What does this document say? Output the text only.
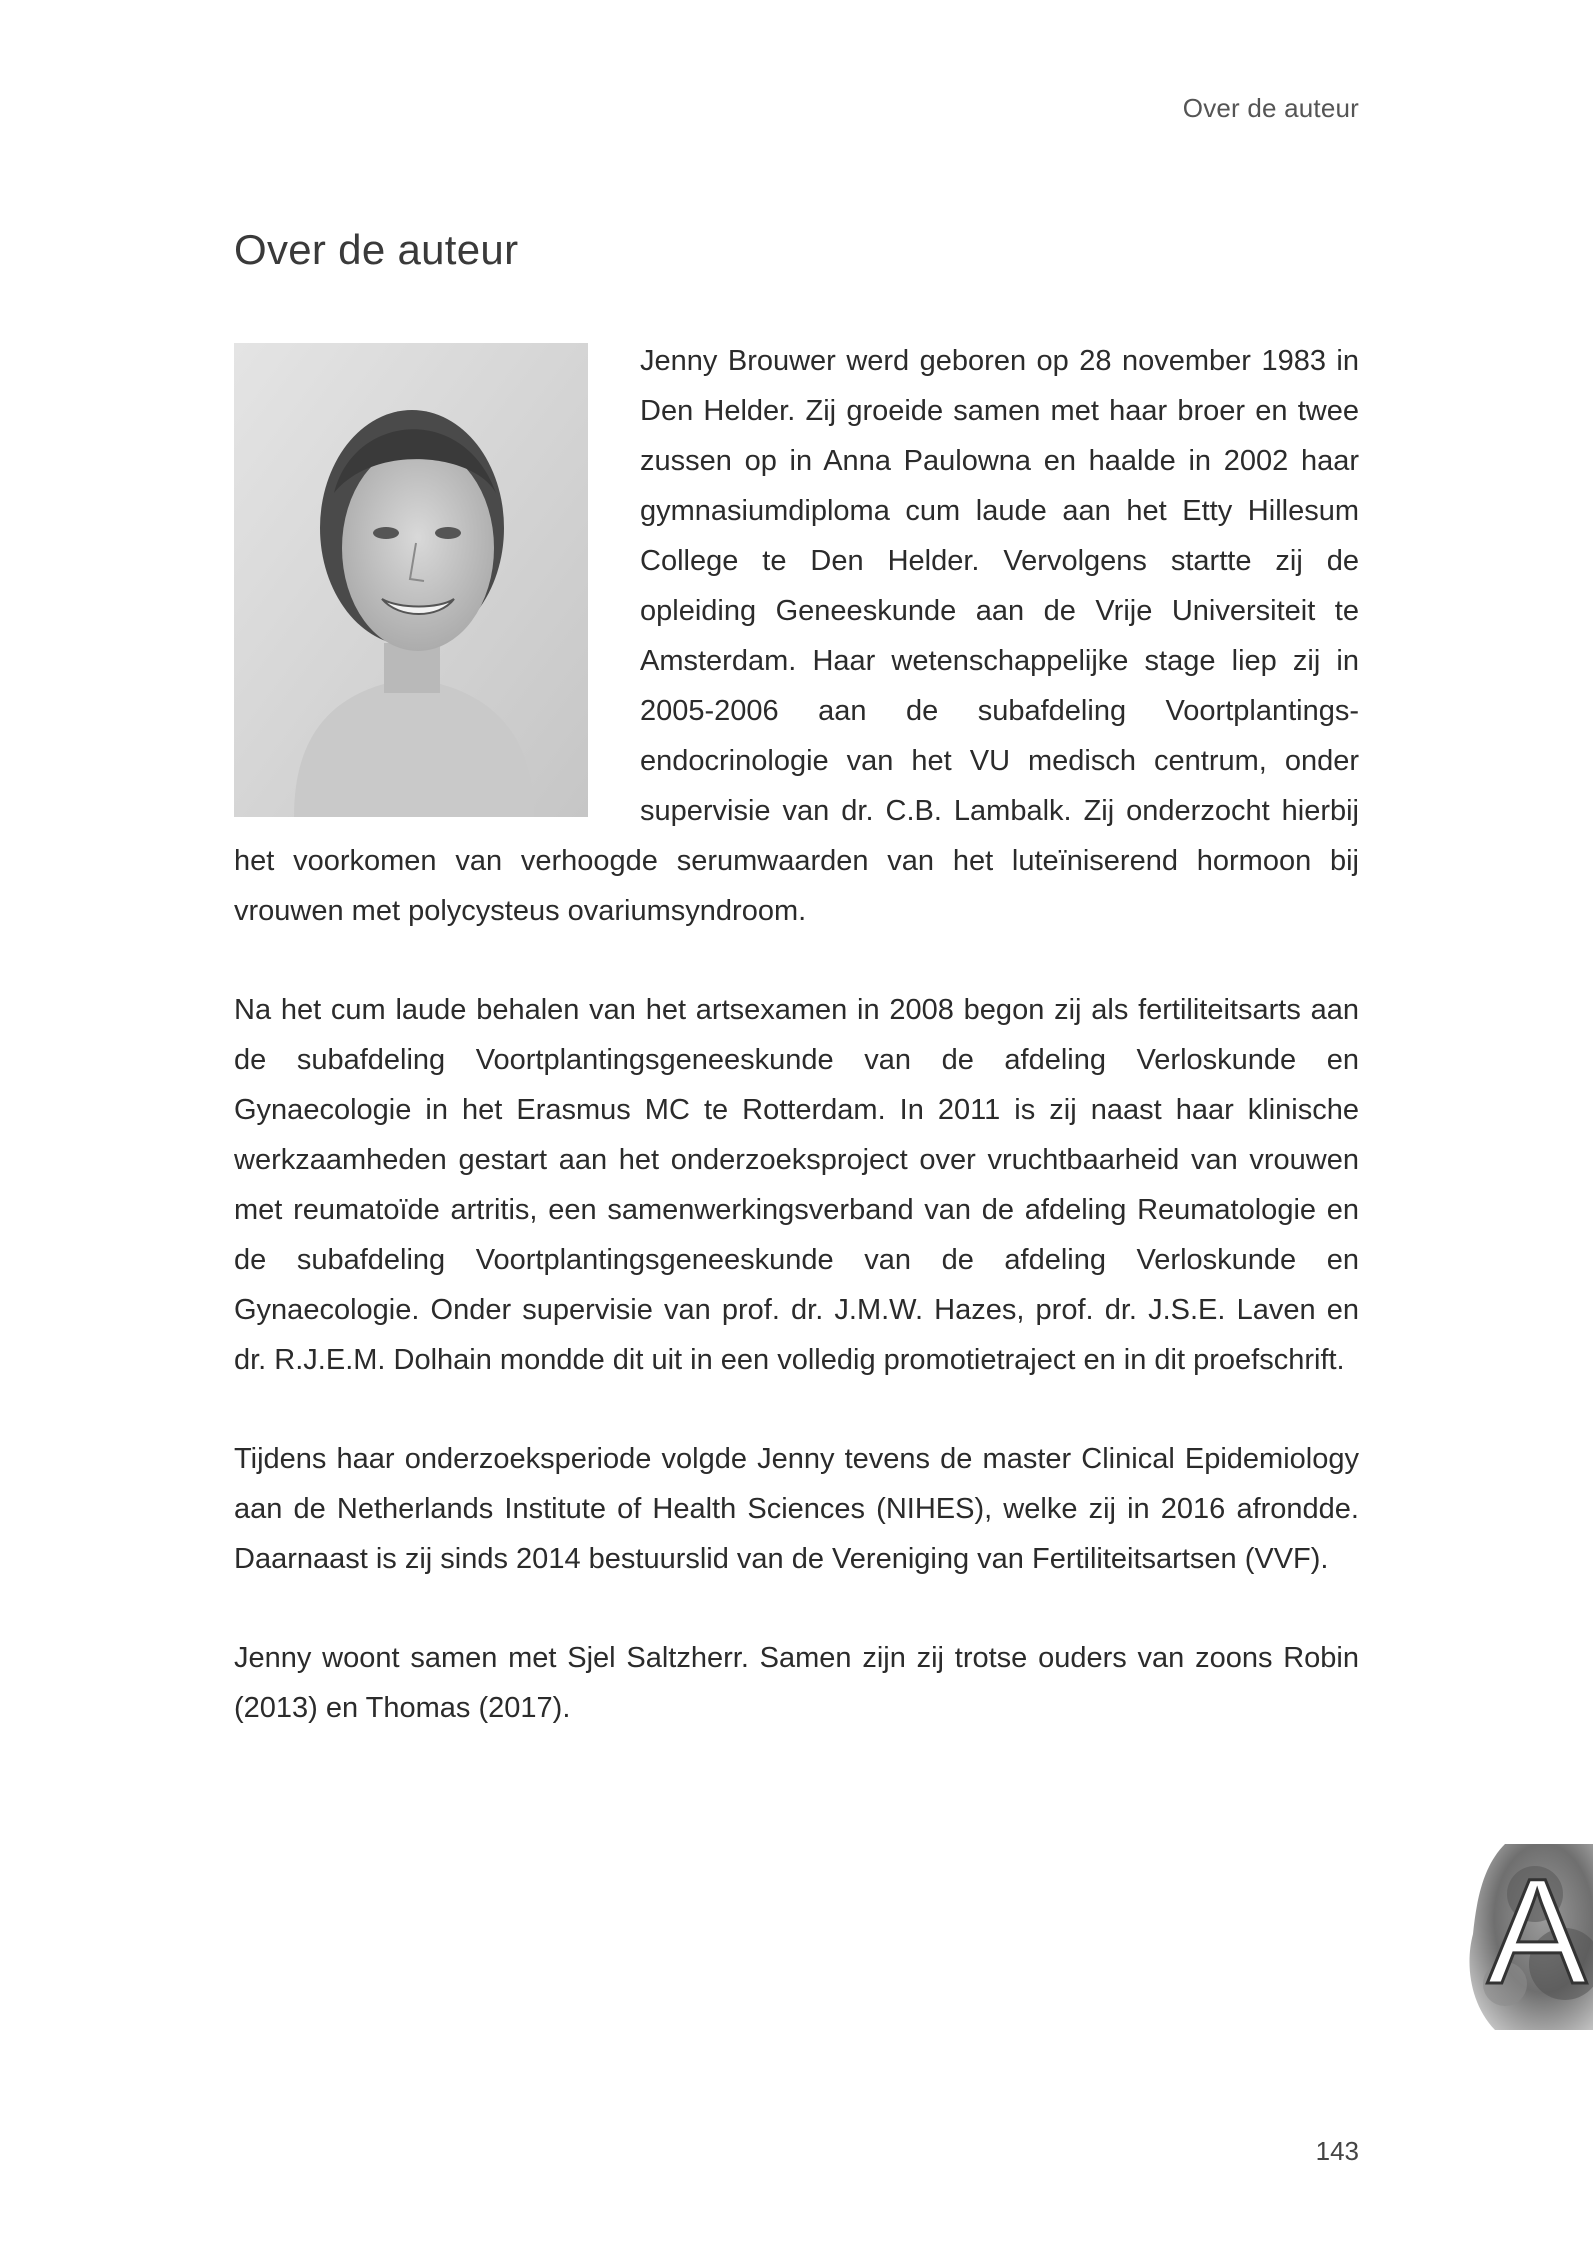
Over de auteur
Over de auteur

Jenny Brouwer werd geboren op 28 november 1983 in Den Helder. Zij groeide samen met haar broer en twee zussen op in Anna Paulowna en haalde in 2002 haar gymnasiumdiploma cum laude aan het Etty Hillesum College te Den Helder. Vervolgens startte zij de opleiding Geneeskunde aan de Vrije Universiteit te Amsterdam. Haar wetenschappelijke stage liep zij in 2005-2006 aan de subafdeling Voortplantings-endocrinologie van het VU medisch centrum, onder supervisie van dr. C.B. Lambalk. Zij onderzocht hierbij het voorkomen van verhoogde serumwaarden van het luteïniserend hormoon bij vrouwen met polycysteus ovariumsyndroom.

Na het cum laude behalen van het artsexamen in 2008 begon zij als fertiliteitsarts aan de subafdeling Voortplantingsgeneeskunde van de afdeling Verloskunde en Gynaecologie in het Erasmus MC te Rotterdam. In 2011 is zij naast haar klinische werkzaamheden gestart aan het onderzoeksproject over vruchtbaarheid van vrouwen met reumatoïde artritis, een samenwerkingsverband van de afdeling Reumatologie en de subafdeling Voortplantingsgeneeskunde van de afdeling Verloskunde en Gynaecologie. Onder supervisie van prof. dr. J.M.W. Hazes, prof. dr. J.S.E. Laven en dr. R.J.E.M. Dolhain mondde dit uit in een volledig promotietraject en in dit proefschrift.

Tijdens haar onderzoeksperiode volgde Jenny tevens de master Clinical Epidemiology aan de Netherlands Institute of Health Sciences (NIHES), welke zij in 2016 afrondde. Daarnaast is zij sinds 2014 bestuurslid van de Vereniging van Fertiliteitsartsen (VVF).

Jenny woont samen met Sjel Saltzherr. Samen zijn zij trotse ouders van zoons Robin (2013) en Thomas (2017).

A
143
